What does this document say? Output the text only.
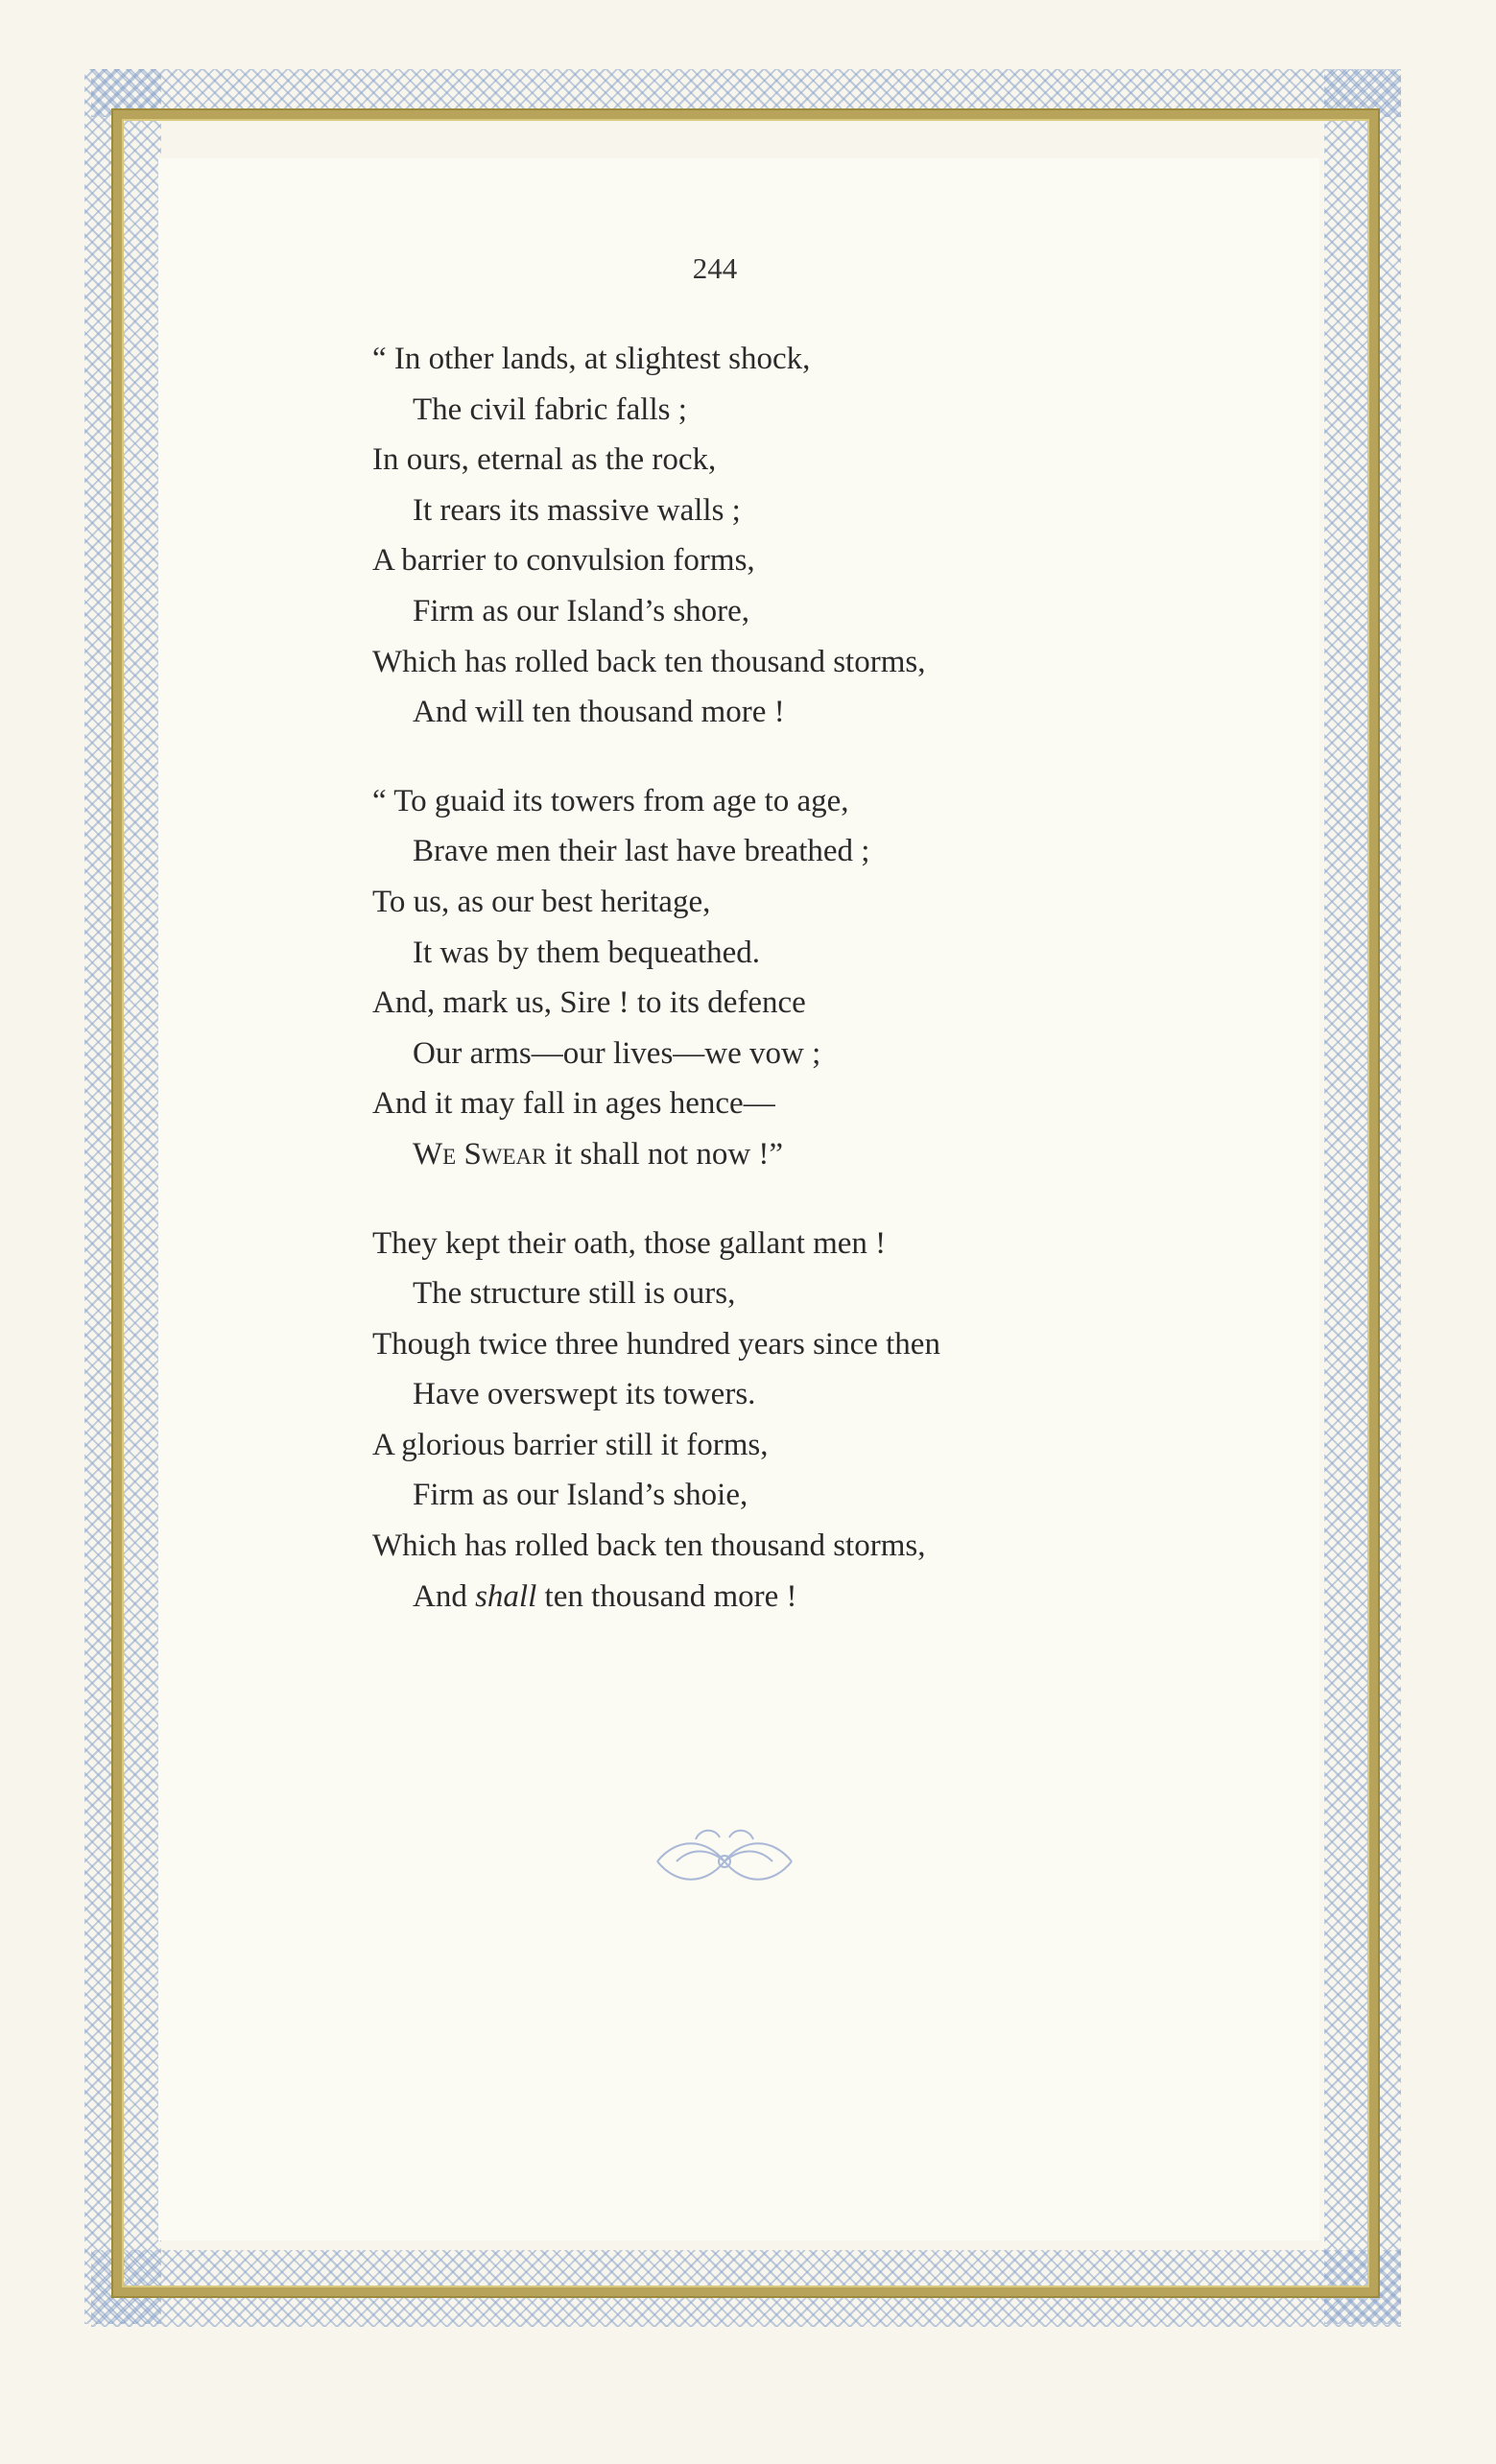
244
“ In other lands, at slightest shock,
The civil fabric falls ;
In ours, eternal as the rock,
It rears its massive walls ;
A barrier to convulsion forms,
Firm as our Island’s shore,
Which has rolled back ten thousand storms,
And will ten thousand more !
“ To guaid its towers from age to age,
Brave men their last have breathed ;
To us, as our best heritage,
It was by them bequeathed.
And, mark us, Sire ! to its defence
Our arms—our lives—we vow ;
And it may fall in ages hence—
We Swear it shall not now !”
They kept their oath, those gallant men !
The structure still is ours,
Though twice three hundred years since then
Have overswept its towers.
A glorious barrier still it forms,
Firm as our Island’s shoie,
Which has rolled back ten thousand storms,
And shall ten thousand more !
